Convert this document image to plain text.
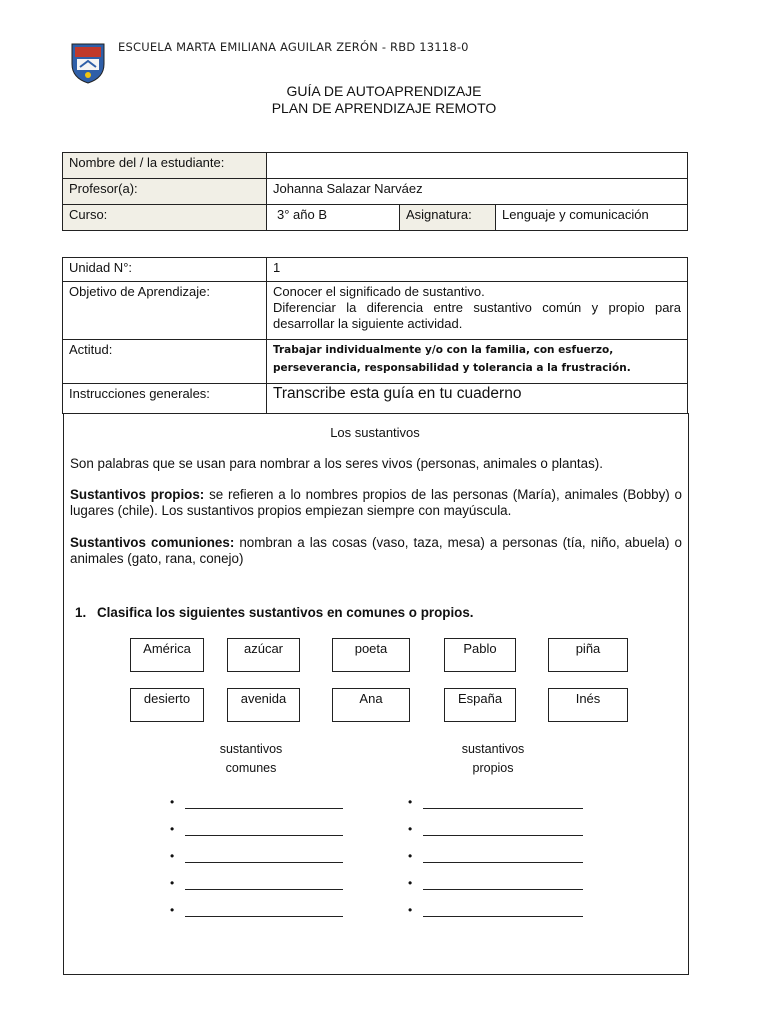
ESCUELA MARTA EMILIANA AGUILAR ZERÓN - RBD 13118-0
GUÍA DE AUTOAPRENDIZAJE
PLAN DE APRENDIZAJE REMOTO
Nombre del / la estudiante:			
Profesor(a):	Johanna Salazar Narváez		
Curso:	3° año B	Asignatura:	Lenguaje y comunicación
Unidad N°:	1
Objetivo de Aprendizaje:	Conocer el significado de sustantivo.
Diferenciar la diferencia entre sustantivo común y propio para desarrollar la siguiente actividad.

Actitud:	Trabajar individualmente y/o con la familia, con esfuerzo, perseverancia, responsabilidad y tolerancia a la frustración.
Instrucciones generales:	Transcribe esta guía en tu cuaderno
Los sustantivos
Son palabras que se usan para nombrar a los seres vivos (personas, animales o plantas).
Sustantivos propios: se refieren a lo nombres propios de las personas (María), animales (Bobby) o lugares (chile). Los sustantivos propios empiezan siempre con mayúscula.
Sustantivos comuniones: nombran a las cosas (vaso, taza, mesa) a personas (tía, niño, abuela) o animales (gato, rana, conejo)
1. Clasifica los siguientes sustantivos en comunes o propios.
América	azúcar	poeta	Pablo	piña
desierto	avenida	Ana	España	Inés
sustantivos
comunes
sustantivos
propios
•
•
•
•
•
•
•
•
•
•
